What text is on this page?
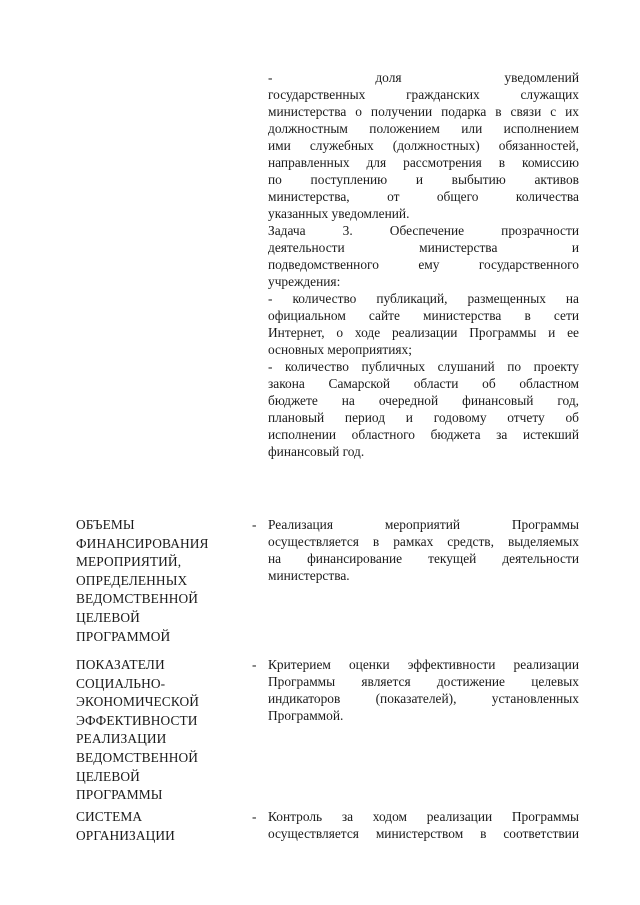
- доля уведомлений
государственных гражданских служащих
министерства о получении подарка в связи с их
должностным положением или исполнением
ими служебных (должностных) обязанностей,
направленных для рассмотрения в комиссию
по поступлению и выбытию активов
министерства, от общего количества
указанных уведомлений.
Задача 3. Обеспечение прозрачности
деятельности министерства и
подведомственного ему государственного
учреждения:
- количество публикаций, размещенных на
официальном сайте министерства в сети
Интернет, о ходе реализации Программы и ее
основных мероприятиях;
- количество публичных слушаний по проекту
закона Самарской области об областном
бюджете на очередной финансовый год,
плановый период и годовому отчету об
исполнении областного бюджета за истекший
финансовый год.
ОБЪЕМЫ
ФИНАНСИРОВАНИЯ
МЕРОПРИЯТИЙ,
ОПРЕДЕЛЕННЫХ
ВЕДОМСТВЕННОЙ
ЦЕЛЕВОЙ
ПРОГРАММОЙ
- Реализация мероприятий Программы
осуществляется в рамках средств, выделяемых
на финансирование текущей деятельности
министерства.
ПОКАЗАТЕЛИ
СОЦИАЛЬНО-
ЭКОНОМИЧЕСКОЙ
ЭФФЕКТИВНОСТИ
РЕАЛИЗАЦИИ
ВЕДОМСТВЕННОЙ
ЦЕЛЕВОЙ
ПРОГРАММЫ
- Критерием оценки эффективности реализации
Программы является достижение целевых
индикаторов (показателей), установленных
Программой.
СИСТЕМА
ОРГАНИЗАЦИИ
- Контроль за ходом реализации Программы
осуществляется министерством в соответствии
